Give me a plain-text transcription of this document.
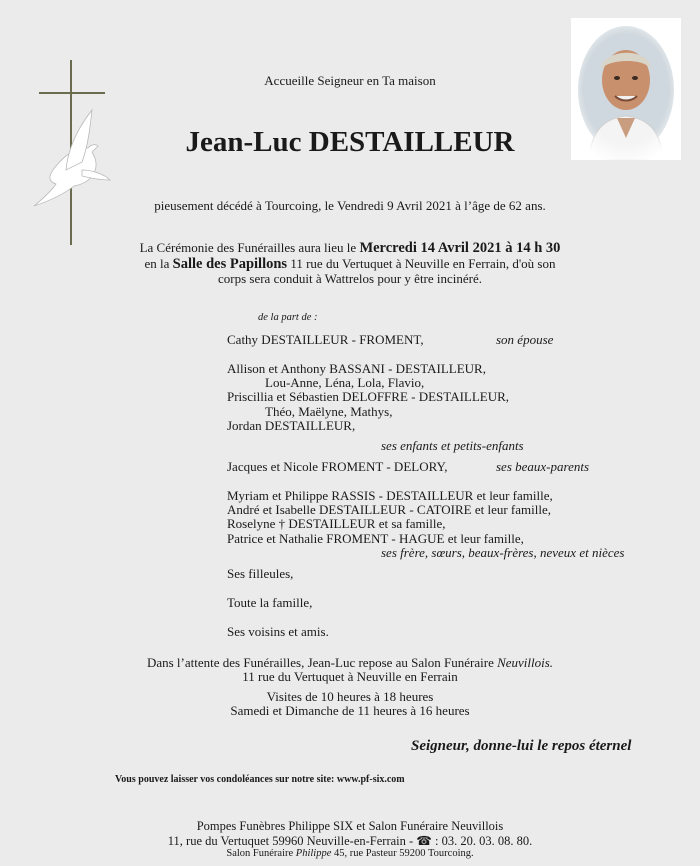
Accueille Seigneur en Ta maison
Jean-Luc DESTAILLEUR
pieusement décédé à Tourcoing, le Vendredi 9 Avril 2021 à l’âge de 62 ans.
La Cérémonie des Funérailles aura lieu le Mercredi 14 Avril 2021 à 14 h 30
en la Salle des Papillons 11 rue du Vertuquet à Neuville en Ferrain, d'où son
corps sera conduit à Wattrelos pour y être incinéré.
de la part de :
Cathy DESTAILLEUR - FROMENT,	son épouse
Allison et Anthony BASSANI - DESTAILLEUR,
Lou-Anne, Léna, Lola, Flavio,
Priscillia et Sébastien DELOFFRE - DESTAILLEUR,
Théo, Maëlyne, Mathys,
Jordan DESTAILLEUR,
ses enfants et petits-enfants
Jacques et Nicole FROMENT - DELORY,	ses beaux-parents
Myriam et Philippe RASSIS - DESTAILLEUR et leur famille,
André et Isabelle DESTAILLEUR - CATOIRE et leur famille,
Roselyne † DESTAILLEUR et sa famille,
Patrice et Nathalie FROMENT - HAGUE et leur famille,
ses frère, sœurs, beaux-frères, neveux et nièces
Ses filleules,
Toute la famille,
Ses voisins et amis.
Dans l’attente des Funérailles, Jean-Luc repose au Salon Funéraire Neuvillois.
11 rue du Vertuquet à Neuville en Ferrain
Visites de 10 heures à 18 heures
Samedi et Dimanche de 11 heures à 16 heures
Seigneur, donne-lui le repos éternel
Vous pouvez laisser vos condoléances sur notre site: www.pf-six.com
Pompes Funèbres Philippe SIX et Salon Funéraire Neuvillois
11, rue du Vertuquet 59960 Neuville-en-Ferrain - ☎ : 03. 20. 03. 08. 80.
Salon Funéraire Philippe 45, rue Pasteur 59200 Tourcoing.
